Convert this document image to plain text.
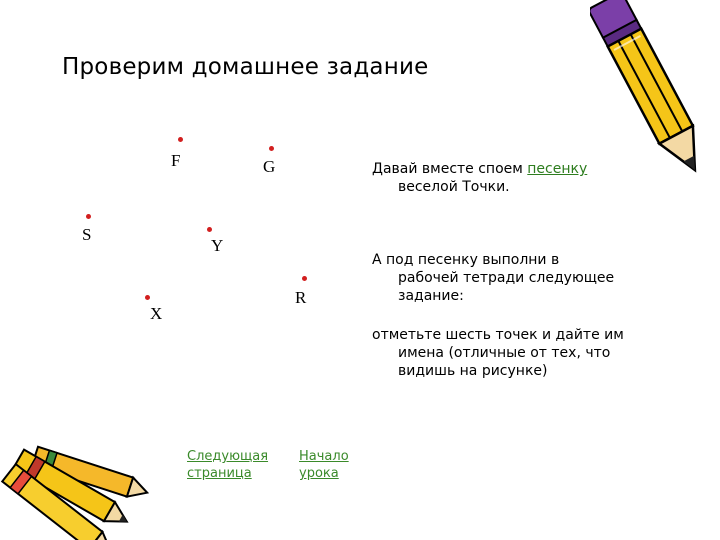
Проверим домашнее задание
F	G
S
Y
R
X
Давай вместе споем песенку
веселой Точки.
А под песенку выполни в
рабочей тетради следующее
задание:
отметьте шесть точек и дайте им
имена (отличные от тех, что
видишь на рисунке)
Следующая
страница
Начало
урока
